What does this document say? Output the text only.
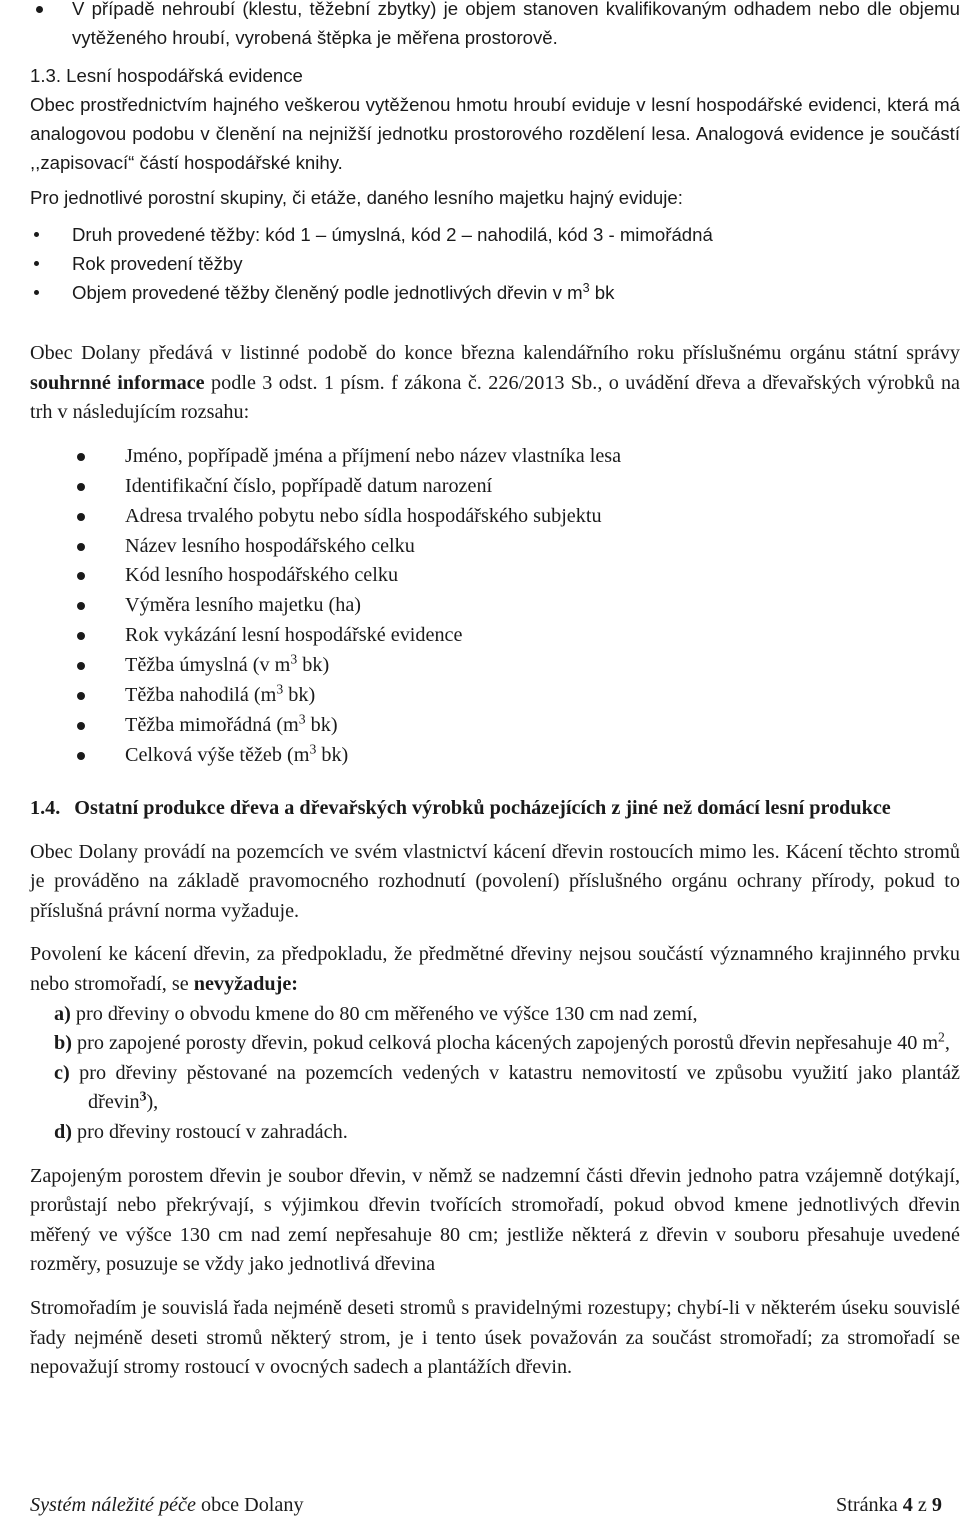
V případě nehroubí (klestu, těžební zbytky) je objem stanoven kvalifikovaným odhadem nebo dle objemu vytěženého hroubí, vyrobená štěpka je měřena prostorově.

1.3. Lesní hospodářská evidence

Obec prostřednictvím hajného veškerou vytěženou hmotu hroubí eviduje v lesní hospodářské evidenci, která má analogovou podobu v členění na nejnižší jednotku prostorového rozdělení lesa. Analogová evidence je součástí ,,zapisovací“ částí hospodářské knihy.

Pro jednotlivé porostní skupiny, či etáže, daného lesního majetku hajný eviduje:

Druh provedené těžby: kód 1 – úmyslná, kód 2 – nahodilá, kód 3 - mimořádná
Rok provedení těžby
Objem provedené těžby členěný podle jednotlivých dřevin v $m^3$ bk

Obec Dolany předává v listinné podobě do konce března kalendářního roku příslušnému orgánu státní správy souhrnné informace podle 3 odst. 1 písm. f zákona č. 226/2013 Sb., o uvádění dřeva a dřevařských výrobků na trh v následujícím rozsahu:

Jméno, popřípadě jména a příjmení nebo název vlastníka lesa
Identifikační číslo, popřípadě datum narození
Adresa trvalého pobytu nebo sídla hospodářského subjektu
Název lesního hospodářského celku
Kód lesního hospodářského celku
Výměra lesního majetku (ha)
Rok vykázání lesní hospodářské evidence
Těžba úmyslná (v $m^3$ bk)
Těžba nahodilá ($m^3$ bk)
Těžba mimořádná ($m^3$ bk)
Celková výše těžeb ($m^3$ bk)
1.4. Ostatní produkce dřeva a dřevařských výrobků pocházejících z jiné než domácí lesní produkce

Obec Dolany provádí na pozemcích ve svém vlastnictví kácení dřevin rostoucích mimo les. Kácení těchto stromů je prováděno na základě pravomocného rozhodnutí (povolení) příslušného orgánu ochrany přírody, pokud to příslušná právní norma vyžaduje.

Povolení ke kácení dřevin, za předpokladu, že předmětné dřeviny nejsou součástí významného krajinného prvku nebo stromořadí, se nevyžaduje:

a) pro dřeviny o obvodu kmene do 80 cm měřeného ve výšce 130 cm nad zemí,
b) pro zapojené porosty dřevin, pokud celková plocha kácených zapojených porostů dřevin nepřesahuje 40 $m^2$,
c) pro dřeviny pěstované na pozemcích vedených v katastru nemovitostí ve způsobu využití jako plantáž dřevin$^3$),
d) pro dřeviny rostoucí v zahradách.

Zapojeným porostem dřevin je soubor dřevin, v němž se nadzemní části dřevin jednoho patra vzájemně dotýkají, prorůstají nebo překrývají, s výjimkou dřevin tvořících stromořadí, pokud obvod kmene jednotlivých dřevin měřený ve výšce 130 cm nad zemí nepřesahuje 80 cm; jestliže některá z dřevin v souboru přesahuje uvedené rozměry, posuzuje se vždy jako jednotlivá dřevina

Stromořadím je souvislá řada nejméně deseti stromů s pravidelnými rozestupy; chybí-li v některém úseku souvislé řady nejméně deseti stromů některý strom, je i tento úsek považován za součást stromořadí; za stromořadí se nepovažují stromy rostoucí v ovocných sadech a plantážích dřevin.

Systém náležité péče obce Dolany	Stránka 4 z 9
